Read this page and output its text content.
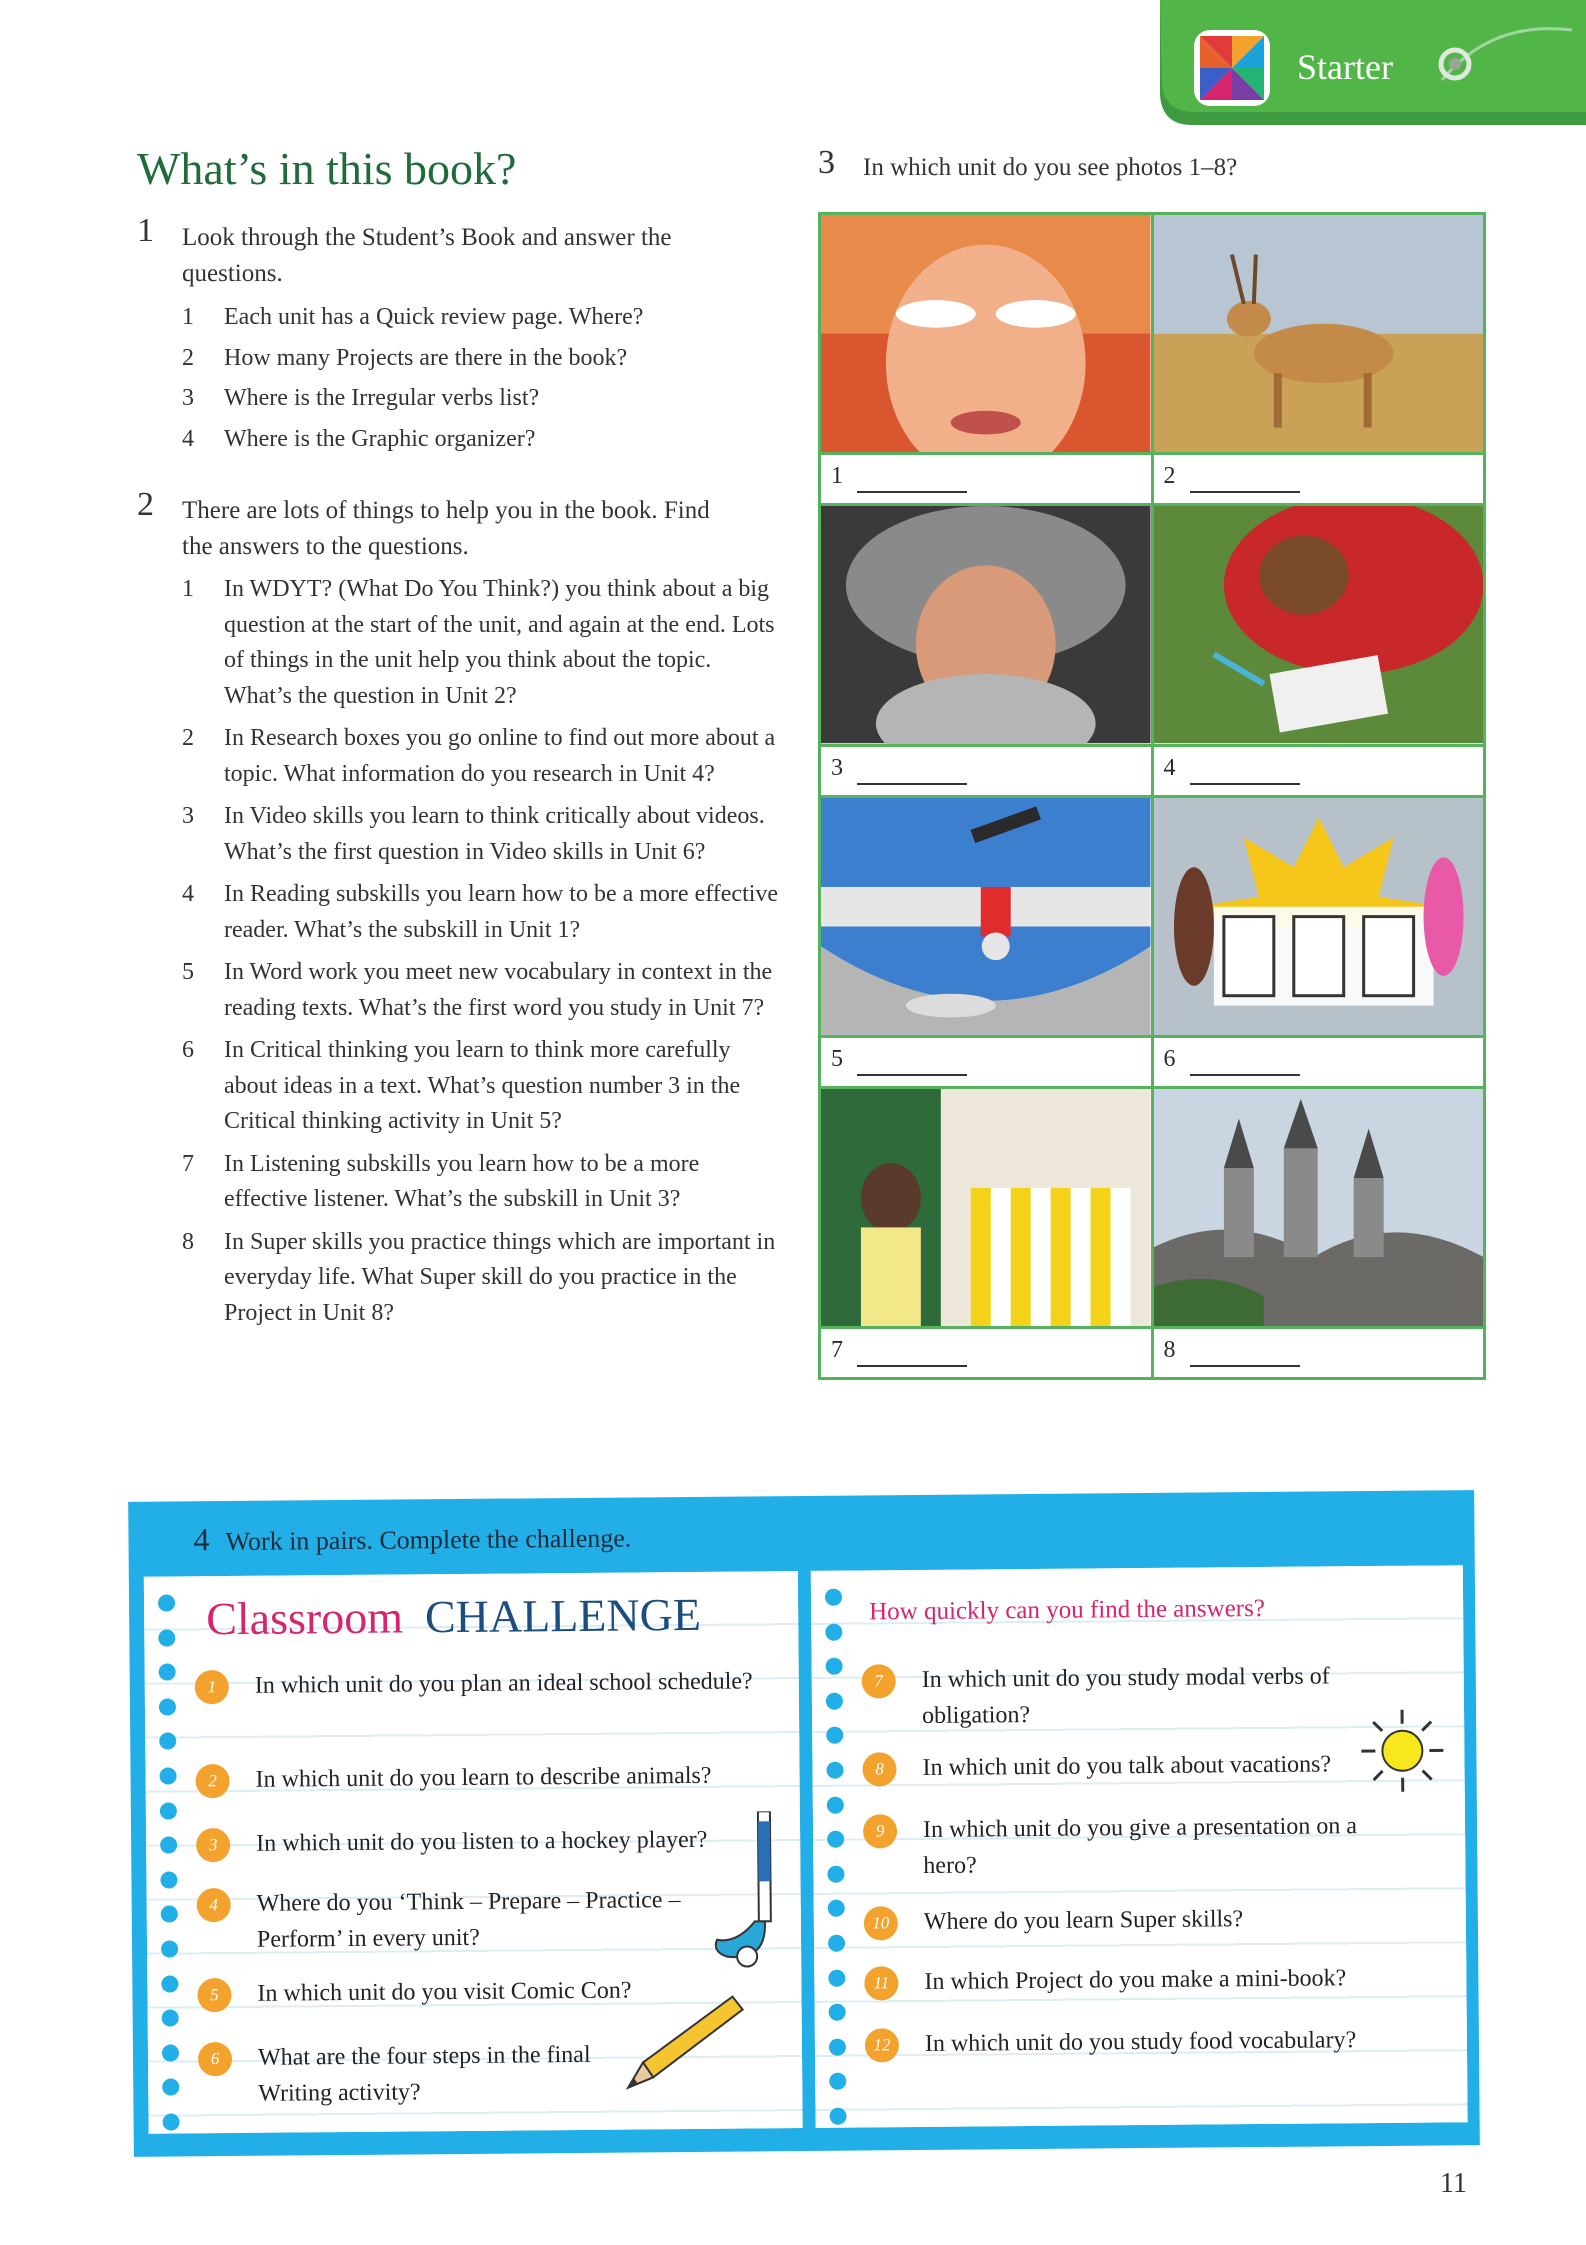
Starter
What’s in this book?
1 Look through the Student’s Book and answer the questions.
1 Each unit has a Quick review page. Where?
2 How many Projects are there in the book?
3 Where is the Irregular verbs list?
4 Where is the Graphic organizer?
2 There are lots of things to help you in the book. Find the answers to the questions.
1 In WDYT? (What Do You Think?) you think about a big question at the start of the unit, and again at the end. Lots of things in the unit help you think about the topic. What’s the question in Unit 2?
2 In Research boxes you go online to find out more about a topic. What information do you research in Unit 4?
3 In Video skills you learn to think critically about videos. What’s the first question in Video skills in Unit 6?
4 In Reading subskills you learn how to be a more effective reader. What’s the subskill in Unit 1?
5 In Word work you meet new vocabulary in context in the reading texts. What’s the first word you study in Unit 7?
6 In Critical thinking you learn to think more carefully about ideas in a text. What’s question number 3 in the Critical thinking activity in Unit 5?
7 In Listening subskills you learn how to be a more effective listener. What’s the subskill in Unit 3?
8 In Super skills you practice things which are important in everyday life. What Super skill do you practice in the Project in Unit 8?
3 In which unit do you see photos 1–8?
1	2
3	4
5	6
7	8
4 Work in pairs. Complete the challenge.
Classroom CHALLENGE
1	In which unit do you plan an ideal school schedule?
2	In which unit do you learn to describe animals?
3	In which unit do you listen to a hockey player?
4	Where do you ‘Think – Prepare – Practice – Perform’ in every unit?
5	In which unit do you visit Comic Con?
6	What are the four steps in the final Writing activity?
How quickly can you find the answers?
7	In which unit do you study modal verbs of obligation?
8	In which unit do you talk about vacations?
9	In which unit do you give a presentation on a hero?
10	Where do you learn Super skills?
11	In which Project do you make a mini-book?
12	In which unit do you study food vocabulary?
11
